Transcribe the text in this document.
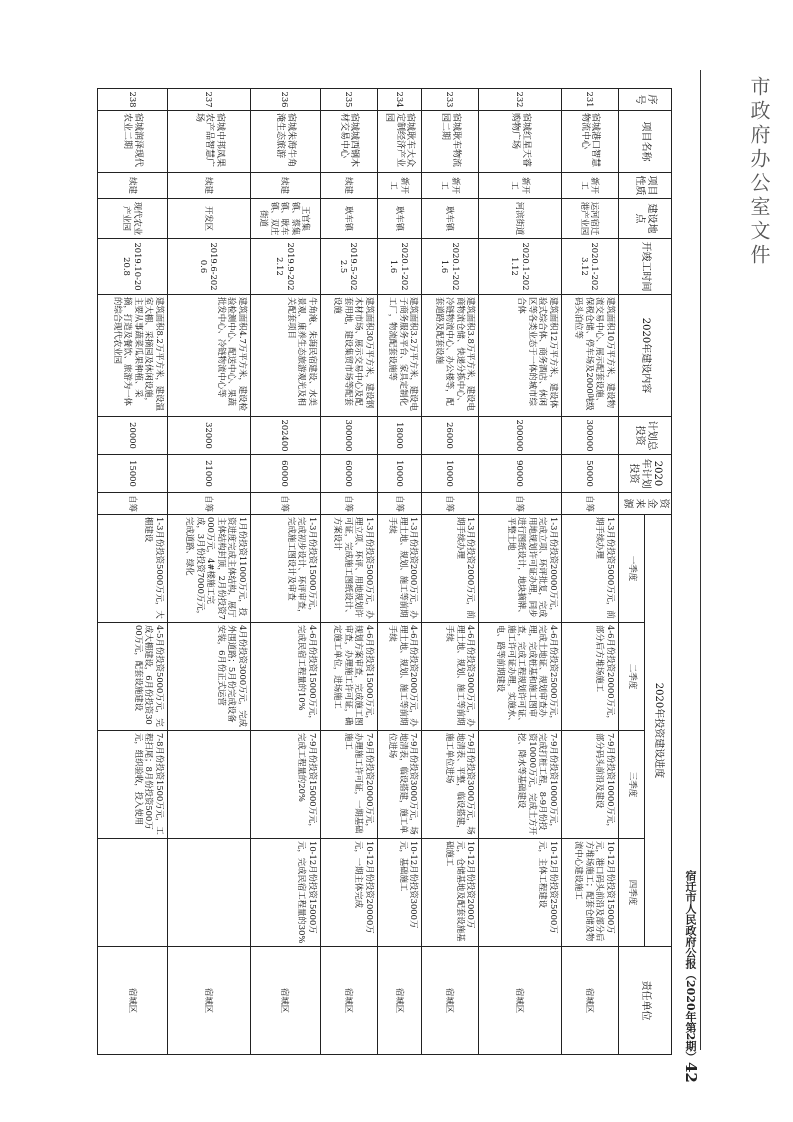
市政府办公室文件
宿迁市人民政府公报（2020年第2期）
42
序号	项目名称	项目性质	建设地点	开竣工时间	2020年建设内容	计划总投资	2020年计划投资	资金来源	2020年投资建设进度				责任单位
									一季度	二季度	三季度	四季度	
231	宿城港口智慧物流中心	新开工	运河宿迁港产业园	2020.1-2023.12	建筑面积10万平方米，建设物流交易中心、展示配套设施、保税仓储、停车场及2000吨级码头泊位等	300000	50000	自筹	1-3月份投资5000万元，前期手续办理	4-6月份投资20000万元，部分后方堆场施工	7-9月份投资10000万元，部分码头前沿及建设	10-12月份投资15000万元，港口码头前沿及部分后方堆场施工；配套仓储及物流中心建设施工	宿城区
232	宿城红星天睿购物广场	新开工	河滨街道	2020.1-2021.12	建筑面积12万平方米，建设体验式综合体、商务酒店、休闲区等各类业态于一体的城市综合体	200000	90000	自筹	1-3月份投资20000万元，完成立项、环评批复，完成用地规划许可证办理，同步进行图纸设计，地块摘牌、平整土地	4-6月份投资25000万元，完成土地证、规划审查办理，完成桩基和施工图审查，完成工程规划许可证、施工许可证办理，实施水、电、路等前期建设	7-9月份投资10000万元，完成打桩工程，8-9月份投资10000万元，完成土方开挖、降水等基础建设	10-12月份投资25000万元，主体工程建设	宿城区
233	宿城耿车物流园二期	新开工	耿车镇	2020.1-2021.6	建筑面积3.8万平方米，建设电商物流仓储、快递分拣中心、冷链物流中心、办公楼等，配套道路及配套设施	26000	10000	自筹	1-3月份投资2000万元，前期手续办理	4-6月份投资3000万元，办理土地、规划、施工等前期手续	7-9月份投资3000万元，场地清表、平整，临设搭建，施工单位进场	10-12月份投资2000万元，仓储基地及配套设施基础施工	宿城区
234	宿城耿车大众定制经济产业园	新开工	耿车镇	2020.1-2021.6	建筑面积3.2万平方米，建设电子商务服务平台、家具定制化工厂，物流配套设施等	18000	10000	自筹	1-3月份投资2000万元，办理土地、规划、施工等前期手续	4-6月份投资2000万元，办理土地、规划、施工等前期手续	7-9月份投资3000万元，场地清表，临设搭建，施工单位进场	10-12月份投资3000万元，基础施工	宿城区
235	宿城城西钢木材交易中心	续建	耿车镇	2019.5-2022.5	建筑面积30万平方米，建设钢木材市场、展示交易中心及配套用地，建设集贸市场等配套设施	300000	60000	自筹	1-3月份投资5000万元，办理立项、环评、用地规划许可证，完成施工图纸设计、方案设计	4-6月份投资15000万元，规划方案审查，完成施工图审查，办理施工许可证，确定施工单位，进场施工	7-9月份投资20000万元，办理施工许可证，一期基础施工	10-12月份投资20000万元，一期主体完成	宿城区
236	宿城朱海牛角淹生态旅游	续建	王官集镇、蔡集镇、耿车镇、双庄街道	2019.9-2022.12	牛角淹、朱海民宿建设、水美景观、康养生态旅游观光及相关配套项目	202400	60000	自筹	1-3月份投资15000万元，完成初步设计、环评审查，完成施工图设计及审查	4-6月份投资15000万元，完成民宿工程量的10%	7-9月份投资15000万元，完成工程量的20%	10-12月份投资15000万元，完成民宿工程量的30%	宿城区
237	宿城中邦凤果农产品智慧广场	续建	开发区	2019.6-2020.6	建筑面积4.7万平方米，建设检验检测中心、配送中心、果蔬批发中心、冷链物流中心等	32000	21000	自筹	1月份投资11000万元，投资进度完成主体结构，展厅主体结构封顶，2月份投资7000万元，4#楼施工完成，3月份投资7000万元，完成道路、绿化	4月份投资3000万元，完成外围道路；5月份完成设备安装，6月份正式运营			宿城区
238	宿城润泽现代农业二期	续建	现代农业产业园	2019.10-2020.8	建筑面积8.2万平方米，建设温室大棚、采摘园及休闲设施，主要从事蔬菜瓜果种植、采摘，打造及餐饮、旅游为一体的综合现代农业园	20000	15000	自筹	1-3月份投资5000万元，大棚建设	4-5月份投资5000万元，完成大棚建设，6月份投资3000万元，配套设施建设	7-8月份投资1500万元，工程扫尾；8月份投资500万元，组织验收，投入使用		宿城区
